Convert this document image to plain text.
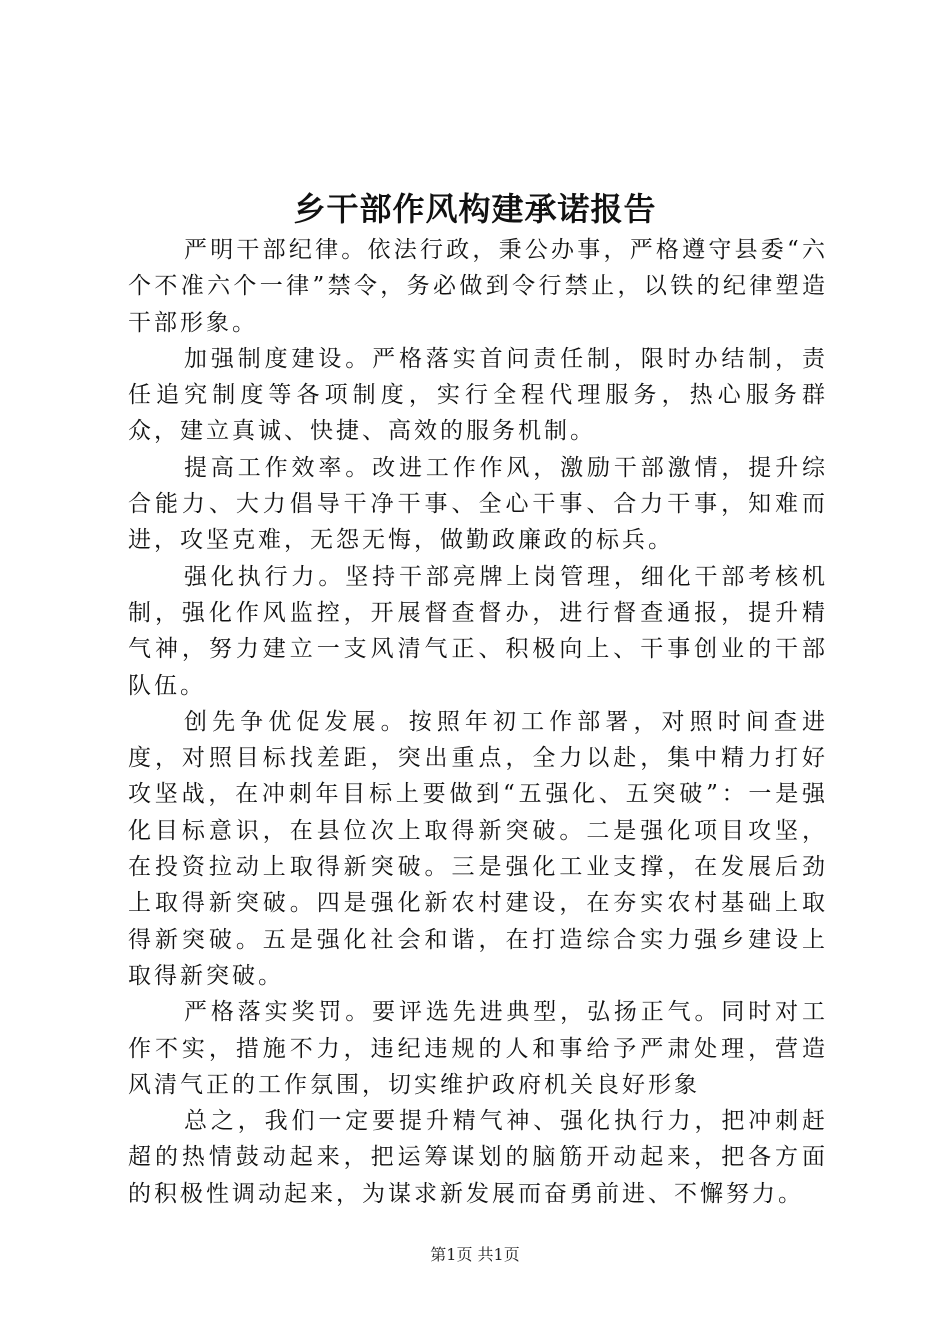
乡干部作风构建承诺报告

严明干部纪律。依法行政，秉公办事，严格遵守县委“六个不准六个一律”禁令，务必做到令行禁止，以铁的纪律塑造干部形象。

加强制度建设。严格落实首问责任制，限时办结制，责任追究制度等各项制度，实行全程代理服务，热心服务群众，建立真诚、快捷、高效的服务机制。

提高工作效率。改进工作作风，激励干部激情，提升综合能力、大力倡导干净干事、全心干事、合力干事，知难而进，攻坚克难，无怨无悔，做勤政廉政的标兵。

强化执行力。坚持干部亮牌上岗管理，细化干部考核机制，强化作风监控，开展督查督办，进行督查通报，提升精气神，努力建立一支风清气正、积极向上、干事创业的干部队伍。

创先争优促发展。按照年初工作部署，对照时间查进度，对照目标找差距，突出重点，全力以赴，集中精力打好攻坚战，在冲刺年目标上要做到“五强化、五突破”：一是强化目标意识，在县位次上取得新突破。二是强化项目攻坚，在投资拉动上取得新突破。三是强化工业支撑，在发展后劲上取得新突破。四是强化新农村建设，在夯实农村基础上取得新突破。五是强化社会和谐，在打造综合实力强乡建设上取得新突破。

严格落实奖罚。要评选先进典型，弘扬正气。同时对工作不实，措施不力，违纪违规的人和事给予严肃处理，营造风清气正的工作氛围，切实维护政府机关良好形象

总之，我们一定要提升精气神、强化执行力，把冲刺赶超的热情鼓动起来，把运筹谋划的脑筋开动起来，把各方面的积极性调动起来，为谋求新发展而奋勇前进、不懈努力。

第1页 共1页
